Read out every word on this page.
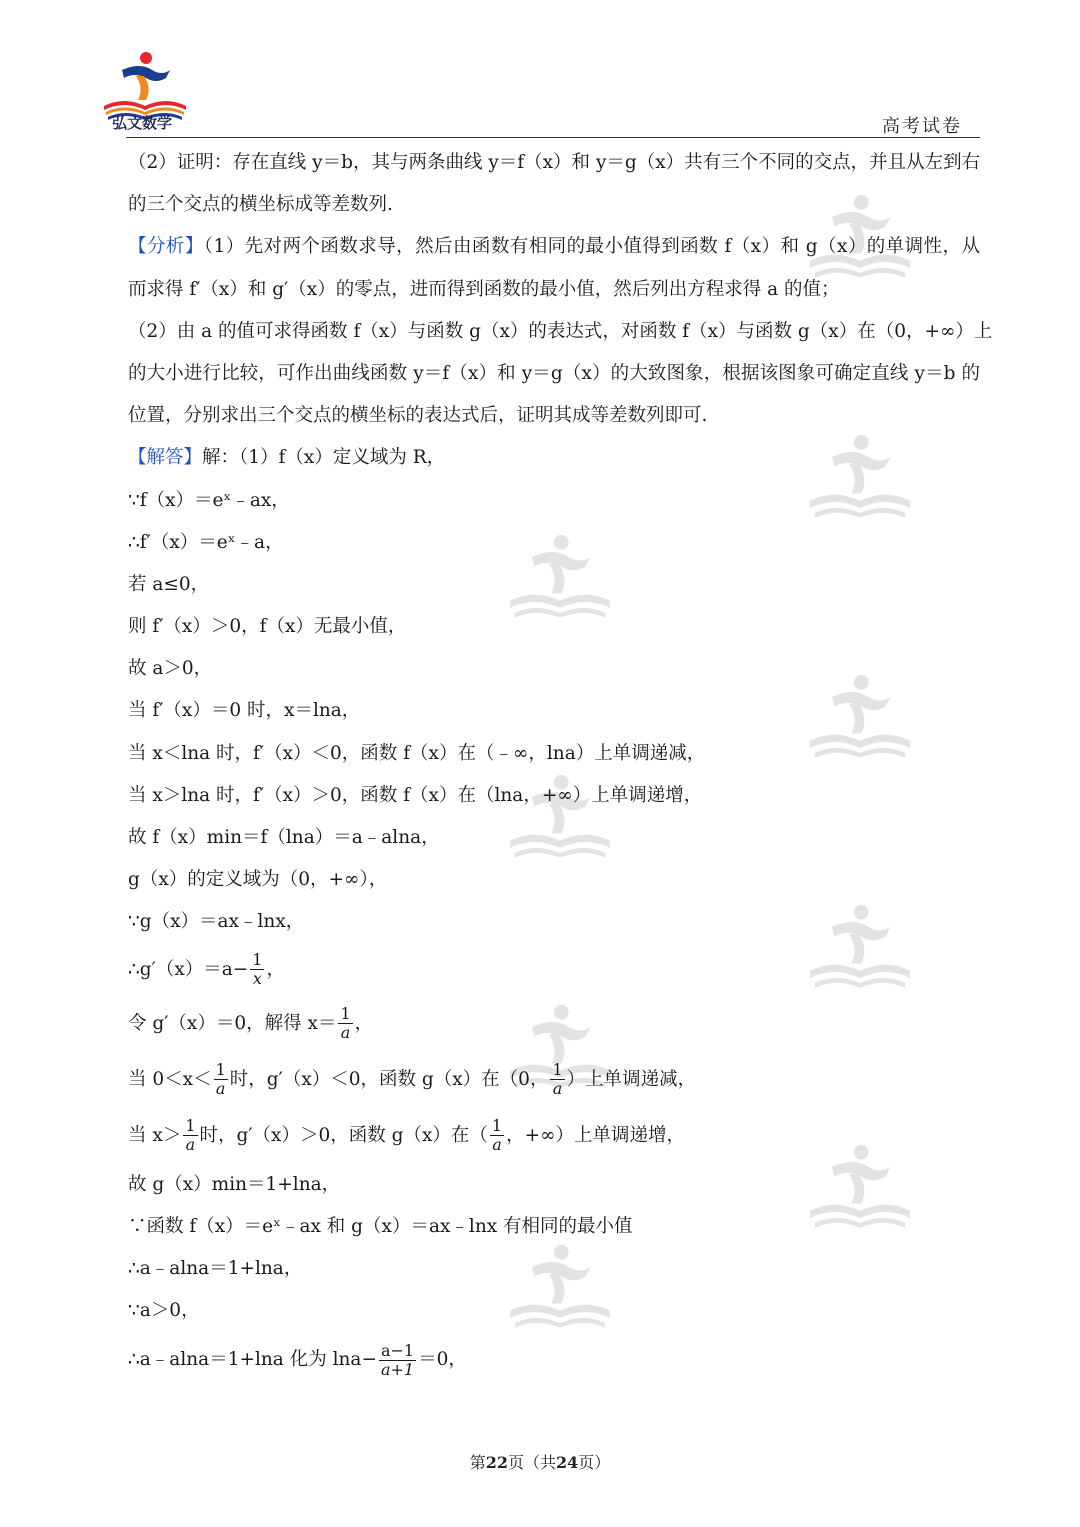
弘文数学	高考试卷
（2）证明：存在直线 y＝b，其与两条曲线 y＝f（x）和 y＝g（x）共有三个不同的交点，并且从左到右
的三个交点的横坐标成等差数列.
【分析】（1）先对两个函数求导，然后由函数有相同的最小值得到函数 f（x）和 g（x）的单调性，从
而求得 f′（x）和 g′（x）的零点，进而得到函数的最小值，然后列出方程求得 a 的值；
（2）由 a 的值可求得函数 f（x）与函数 g（x）的表达式，对函数 f（x）与函数 g（x）在（0，+∞）上
的大小进行比较，可作出曲线函数 y＝f（x）和 y＝g（x）的大致图象，根据该图象可确定直线 y＝b 的
位置，分别求出三个交点的横坐标的表达式后，证明其成等差数列即可.
【解答】解：（1）f（x）定义域为 R，
∵f（x）＝eˣ﹣ax，
∴f′（x）＝eˣ﹣a，
若 a≤0，
则 f′（x）＞0，f（x）无最小值，
故 a＞0，
当 f′（x）＝0 时，x＝lna，
当 x＜lna 时，f′（x）＜0，函数 f（x）在（﹣∞，lna）上单调递减，
当 x＞lna 时，f′（x）＞0，函数 f（x）在（lna，+∞）上单调递增，
故 f（x）min＝f（lna）＝a﹣alna，
g（x）的定义域为（0，+∞），
∵g（x）＝ax﹣lnx，
∴g′（x）＝a− $\frac{1}{x}$ ，
令 g′（x）＝0，解得 $x= \frac{1}{a}$ ，
当 $0<x< \frac{1}{a}$ 时，g′（x）＜0，函数 g（x）在（0， $\frac{1}{a}$ ）上单调递减，
当 $x> \frac{1}{a}$ 时，g′（x）＞0，函数 g（x）在（ $\frac{1}{a}$ ，+∞）上单调递增，
故 g（x）min＝1+lna，
∵函数 f（x）＝eˣ﹣ax 和 g（x）＝ax﹣lnx 有相同的最小值
∴a﹣alna＝1+lna，
∵a＞0，
∴a﹣alna＝1+lna 化为 $\ln a- \frac{a-1}{a+1} =0$，
第22页（共24页）
